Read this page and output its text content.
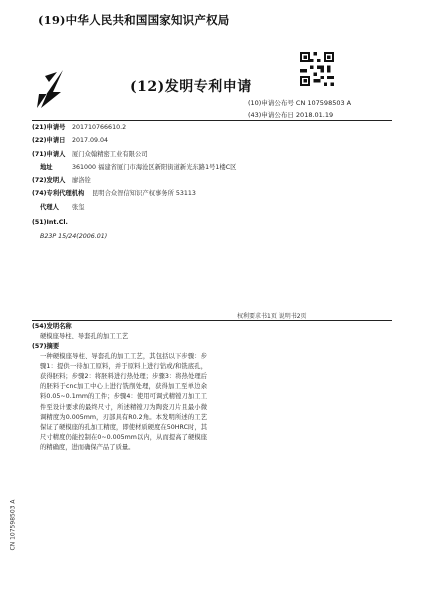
(19)中华人民共和国国家知识产权局
(12)发明专利申请
(10)申请公布号 CN 107598503 A
(43)申请公布日 2018.01.19
(21)申请号	201710766610.2
(22)申请日	2017.09.04
(71)申请人	厦门众翰精密工业有限公司
地址	361000 福建省厦门市海沧区新阳街道新光东路1号1楼C区
(72)发明人	廖洛铨
(74)专利代理机构	昆明合众智信知识产权事务所 53113
代理人	张玺
(51)Int.Cl.
B23P 15/24(2006.01)
权利要求书1页 说明书2页
(54)发明名称
硬模座导柱、导套孔的加工工艺
(57)摘要

一种硬模座导柱、导套孔的加工工艺，其包括以下步骤：步骤1：提供一待加工原料，并于原料上进行钻或/和铣底孔，获得胚料；步骤2：将胚料进行热处理；步骤3：将热处理后的胚料于cnc加工中心上进行铣削处理，获得加工至单边余料0.05~0.1mm的工件；步骤4：使用可调式精镗刀加工工件至设计要求的最终尺寸，所述精镗刀为陶瓷刀片且最小微调精度为0.005mm，刃部具有R0.2角。本发明所述的工艺保证了硬模座的孔加工精度，即使材质硬度在50HRC时，其尺寸精度仍能控制在0~0.005mm以内，从而提高了硬模座的精确度，进而确保产品了质量。

CN 107598503 A
